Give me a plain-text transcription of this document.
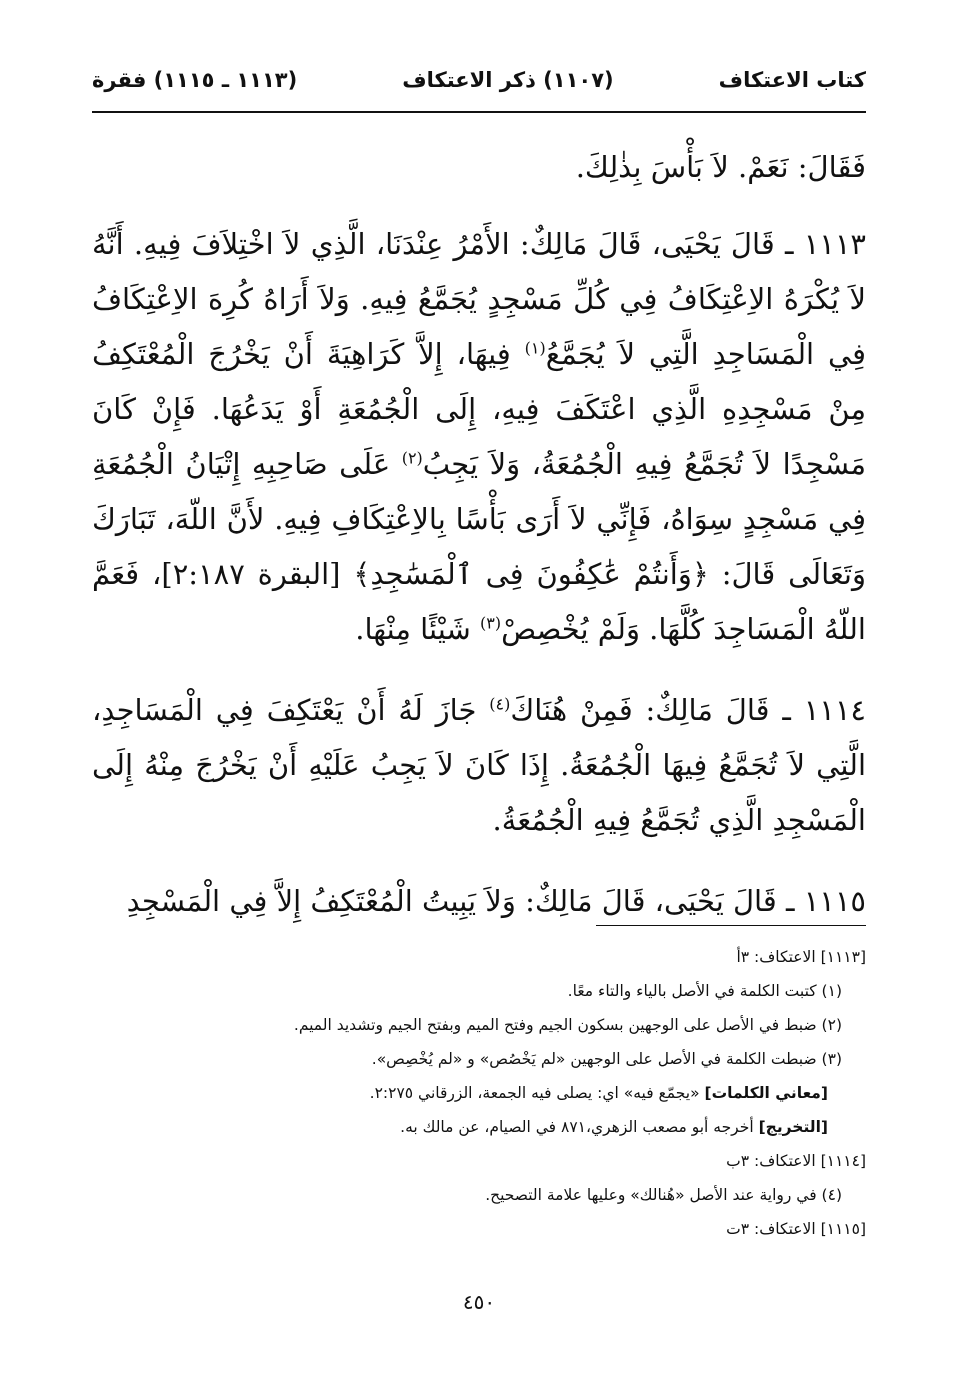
كتاب الاعتكاف
(١١٠٧) ذكر الاعتكاف
(١١١٣ ـ ١١١٥) فقرة

فَقَالَ: نَعَمْ. لاَ بَأْسَ بِذٰلِكَ.

١١١٣ ـ قَالَ يَحْيَى، قَالَ مَالِكٌ: الأَمْرُ عِنْدَنَا، الَّذِي لاَ اخْتِلاَفَ فِيهِ. أَنَّهُ لاَ يُكْرَهُ الاِعْتِكَافُ فِي كُلِّ مَسْجِدٍ يُجَمَّعُ فِيهِ. وَلاَ أَرَاهُ كُرِهَ الاِعْتِكَافُ فِي الْمَسَاجِدِ الَّتِي لاَ يُجَمَّعُ$^{(١)}$ فِيهَا، إِلاَّ كَرَاهِيَةَ أَنْ يَخْرُجَ الْمُعْتَكِفُ مِنْ مَسْجِدِهِ الَّذِي اعْتَكَفَ فِيهِ، إِلَى الْجُمُعَةِ أَوْ يَدَعُهَا. فَإِنْ كَانَ مَسْجِدًا لاَ تُجَمَّعُ فِيهِ الْجُمُعَةُ، وَلاَ يَجِبُ$^{(٢)}$ عَلَى صَاحِبِهِ إِتْيَانُ الْجُمُعَةِ فِي مَسْجِدٍ سِوَاهُ، فَإِنِّي لاَ أَرَى بَأْسًا بِالاِعْتِكَافِ فِيهِ. لأَنَّ اللّهَ، تَبَارَكَ وَتَعَالَى قَالَ: ﴿وَأَنتُمْ عَٰكِفُونَ فِى ٱلْمَسَٰجِدِ﴾ [البقرة ٢:١٨٧]، فَعَمَّ اللّهُ الْمَسَاجِدَ كُلَّهَا. وَلَمْ يُخْصِصْ$^{(٣)}$ شَيْئًا مِنْهَا.

١١١٤ ـ قَالَ مَالِكٌ: فَمِنْ هُنَاكَ$^{(٤)}$ جَازَ لَهُ أَنْ يَعْتَكِفَ فِي الْمَسَاجِدِ، الَّتِي لاَ تُجَمَّعُ فِيهَا الْجُمُعَةُ. إِذَا كَانَ لاَ يَجِبُ عَلَيْهِ أَنْ يَخْرُجَ مِنْهُ إِلَى الْمَسْجِدِ الَّذِي تُجَمَّعُ فِيهِ الْجُمُعَةُ.

١١١٥ ـ قَالَ يَحْيَى، قَالَ مَالِكٌ: وَلاَ يَبِيتُ الْمُعْتَكِفُ إِلاَّ فِي الْمَسْجِدِ

[١١١٣] الاعتكاف: ٣أ
(١) كتبت الكلمة في الأصل بالياء والتاء معًا.
(٢) ضبط في الأصل على الوجهين بسكون الجيم وفتح الميم وبفتح الجيم وتشديد الميم.
(٣) ضبطت الكلمة في الأصل على الوجهين «لم يَخْصُص» و «لم يُخْصِص».
[معاني الكلمات] «يجمّع فيه» اي: يصلى فيه الجمعة، الزرقاني ٢:٢٧٥.
[التخريج] أخرجه أبو مصعب الزهري،٨٧١ في الصيام، عن مالك به.
[١١١٤] الاعتكاف: ٣ب
(٤) في رواية عند الأصل «هُنالك» وعليها علامة التصحيح.
[١١١٥] الاعتكاف: ٣ت
٤٥٠
